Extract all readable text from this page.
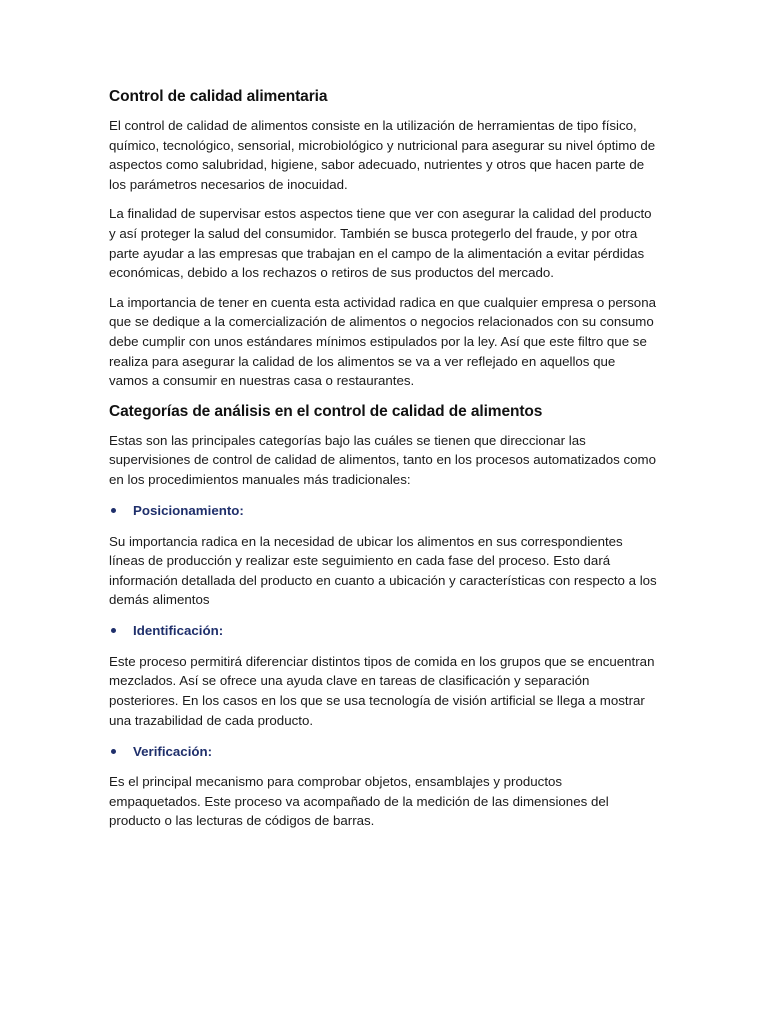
Control de calidad alimentaria

El control de calidad de alimentos consiste en la utilización de herramientas de tipo físico, químico, tecnológico, sensorial, microbiológico y nutricional para asegurar su nivel óptimo de aspectos como salubridad, higiene, sabor adecuado, nutrientes y otros que hacen parte de los parámetros necesarios de inocuidad.

La finalidad de supervisar estos aspectos tiene que ver con asegurar la calidad del producto y así proteger la salud del consumidor. También se busca protegerlo del fraude, y por otra parte ayudar a las empresas que trabajan en el campo de la alimentación a evitar pérdidas económicas, debido a los rechazos o retiros de sus productos del mercado.

La importancia de tener en cuenta esta actividad radica en que cualquier empresa o persona que se dedique a la comercialización de alimentos o negocios relacionados con su consumo debe cumplir con unos estándares mínimos estipulados por la ley. Así que este filtro que se realiza para asegurar la calidad de los alimentos se va a ver reflejado en aquellos que vamos a consumir en nuestras casa o restaurantes.

Categorías de análisis en el control de calidad de alimentos

Estas son las principales categorías bajo las cuáles se tienen que direccionar las supervisiones de control de calidad de alimentos, tanto en los procesos automatizados como en los procedimientos manuales más tradicionales:

Posicionamiento:

Su importancia radica en la necesidad de ubicar los alimentos en sus correspondientes líneas de producción y realizar este seguimiento en cada fase del proceso. Esto dará información detallada del producto en cuanto a ubicación y características con respecto a los demás alimentos

Identificación:

Este proceso permitirá diferenciar distintos tipos de comida en los grupos que se encuentran mezclados. Así se ofrece una ayuda clave en tareas de clasificación y separación posteriores. En los casos en los que se usa tecnología de visión artificial se llega a mostrar una trazabilidad de cada producto.

Verificación:

Es el principal mecanismo para comprobar objetos, ensamblajes y productos empaquetados. Este proceso va acompañado de la medición de las dimensiones del producto o las lecturas de códigos de barras.
